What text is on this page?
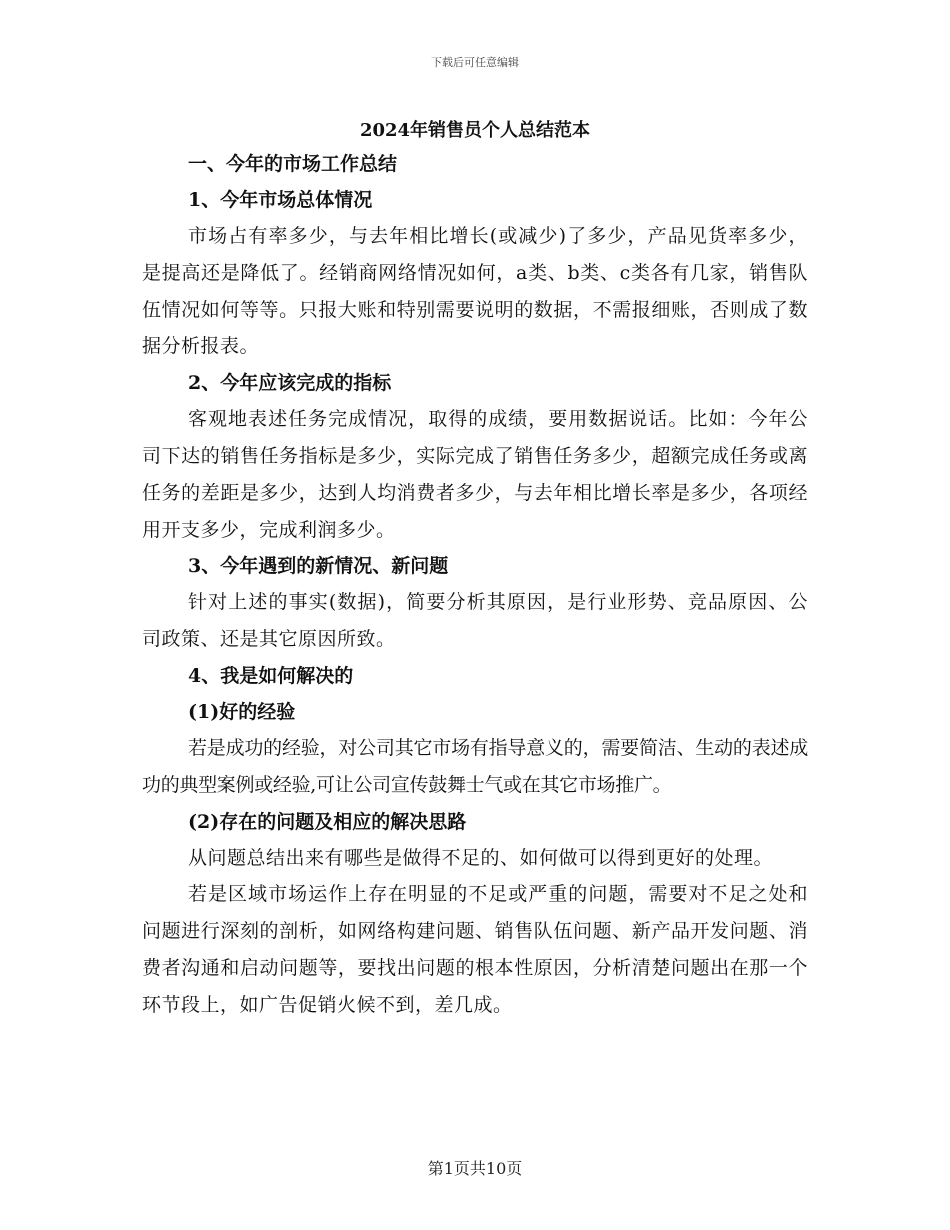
下载后可任意编辑
2024年销售员个人总结范本
一、今年的市场工作总结
1、今年市场总体情况
市场占有率多少，与去年相比增长(或减少)了多少，产品见货率多少，是提高还是降低了。经销商网络情况如何，a类、b类、c类各有几家，销售队伍情况如何等等。只报大账和特别需要说明的数据，不需报细账，否则成了数据分析报表。
2、今年应该完成的指标
客观地表述任务完成情况，取得的成绩，要用数据说话。比如：今年公司下达的销售任务指标是多少，实际完成了销售任务多少，超额完成任务或离任务的差距是多少，达到人均消费者多少，与去年相比增长率是多少，各项经用开支多少，完成利润多少。
3、今年遇到的新情况、新问题
针对上述的事实(数据)，简要分析其原因，是行业形势、竞品原因、公司政策、还是其它原因所致。
4、我是如何解决的
(1)好的经验
若是成功的经验，对公司其它市场有指导意义的，需要简洁、生动的表述成功的典型案例或经验,可让公司宣传鼓舞士气或在其它市场推广。
(2)存在的问题及相应的解决思路
从问题总结出来有哪些是做得不足的、如何做可以得到更好的处理。
若是区域市场运作上存在明显的不足或严重的问题，需要对不足之处和问题进行深刻的剖析，如网络构建问题、销售队伍问题、新产品开发问题、消费者沟通和启动问题等，要找出问题的根本性原因，分析清楚问题出在那一个环节段上，如广告促销火候不到，差几成。
第1页共10页
